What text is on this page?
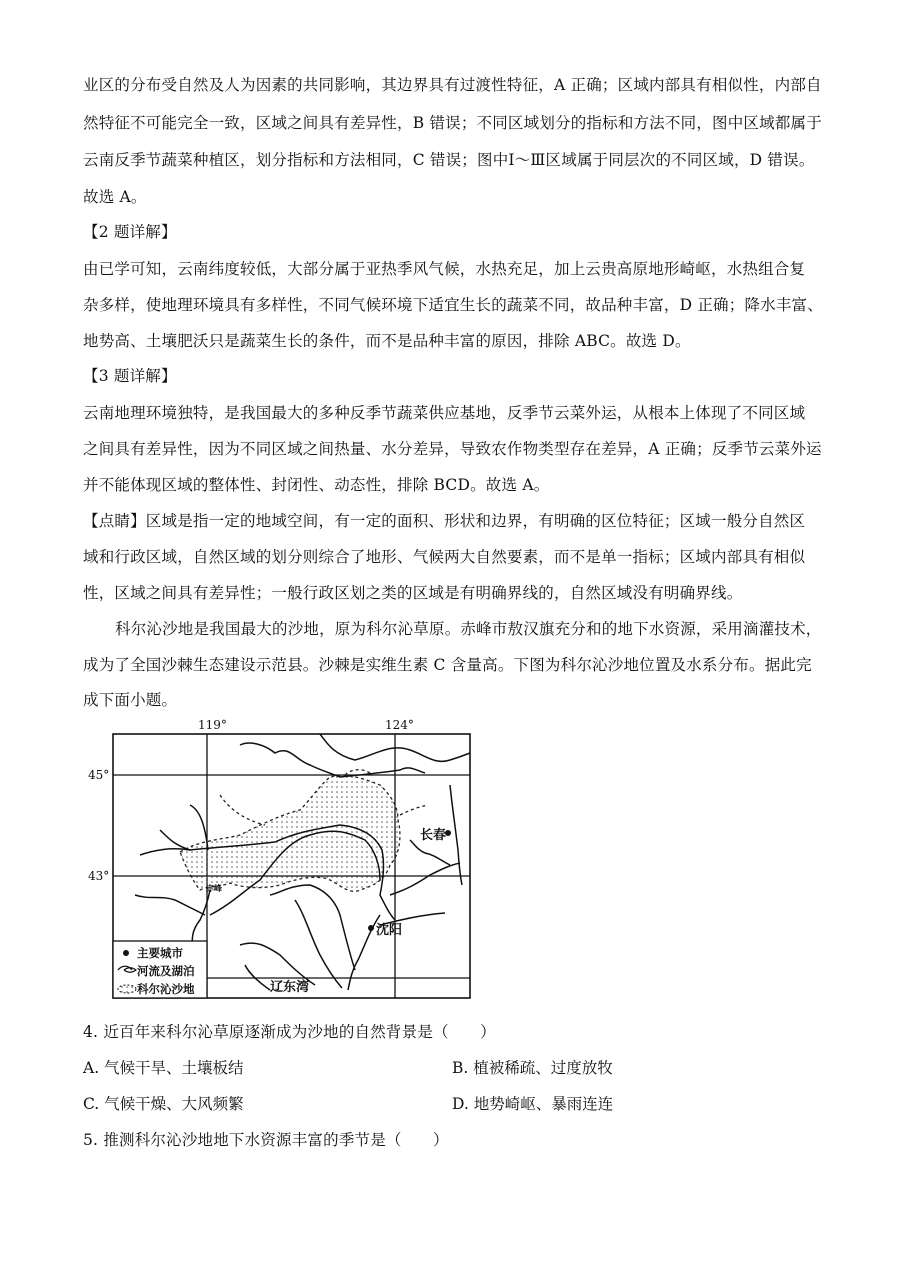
业区的分布受自然及人为因素的共同影响，其边界具有过渡性特征，A 正确；区域内部具有相似性，内部自
然特征不可能完全一致，区域之间具有差异性，B 错误；不同区域划分的指标和方法不同，图中区域都属于
云南反季节蔬菜种植区，划分指标和方法相同，C 错误；图中Ⅰ～Ⅲ区域属于同层次的不同区域，D 错误。
故选 A。
【2 题详解】
由已学可知，云南纬度较低，大部分属于亚热季风气候，水热充足，加上云贵高原地形崎岖，水热组合复
杂多样，使地理环境具有多样性，不同气候环境下适宜生长的蔬菜不同，故品种丰富，D 正确；降水丰富、
地势高、土壤肥沃只是蔬菜生长的条件，而不是品种丰富的原因，排除 ABC。故选 D。
【3 题详解】
云南地理环境独特，是我国最大的多种反季节蔬菜供应基地，反季节云菜外运，从根本上体现了不同区域
之间具有差异性，因为不同区域之间热量、水分差异，导致农作物类型存在差异，A 正确；反季节云菜外运
并不能体现区域的整体性、封闭性、动态性，排除 BCD。故选 A。
【点睛】区域是指一定的地域空间，有一定的面积、形状和边界，有明确的区位特征；区域一般分自然区
域和行政区域，自然区域的划分则综合了地形、气候两大自然要素，而不是单一指标；区域内部具有相似
性，区域之间具有差异性；一般行政区划之类的区域是有明确界线的，自然区域没有明确界线。
科尔沁沙地是我国最大的沙地，原为科尔沁草原。赤峰市敖汉旗充分和的地下水资源，采用滴灌技术，
成为了全国沙棘生态建设示范县。沙棘是实维生素 C 含量高。下图为科尔沁沙地位置及水系分布。据此完
成下面小题。
119°	124°
45°
43°
长春
沈阳
赤峰
辽东湾
主要城市
河流及湖泊
科尔沁沙地
4. 近百年来科尔沁草原逐渐成为沙地的自然背景是（　　）
A. 气候干旱、土壤板结	B. 植被稀疏、过度放牧
C. 气候干燥、大风频繁	D. 地势崎岖、暴雨连连
5. 推测科尔沁沙地地下水资源丰富的季节是（　　）
